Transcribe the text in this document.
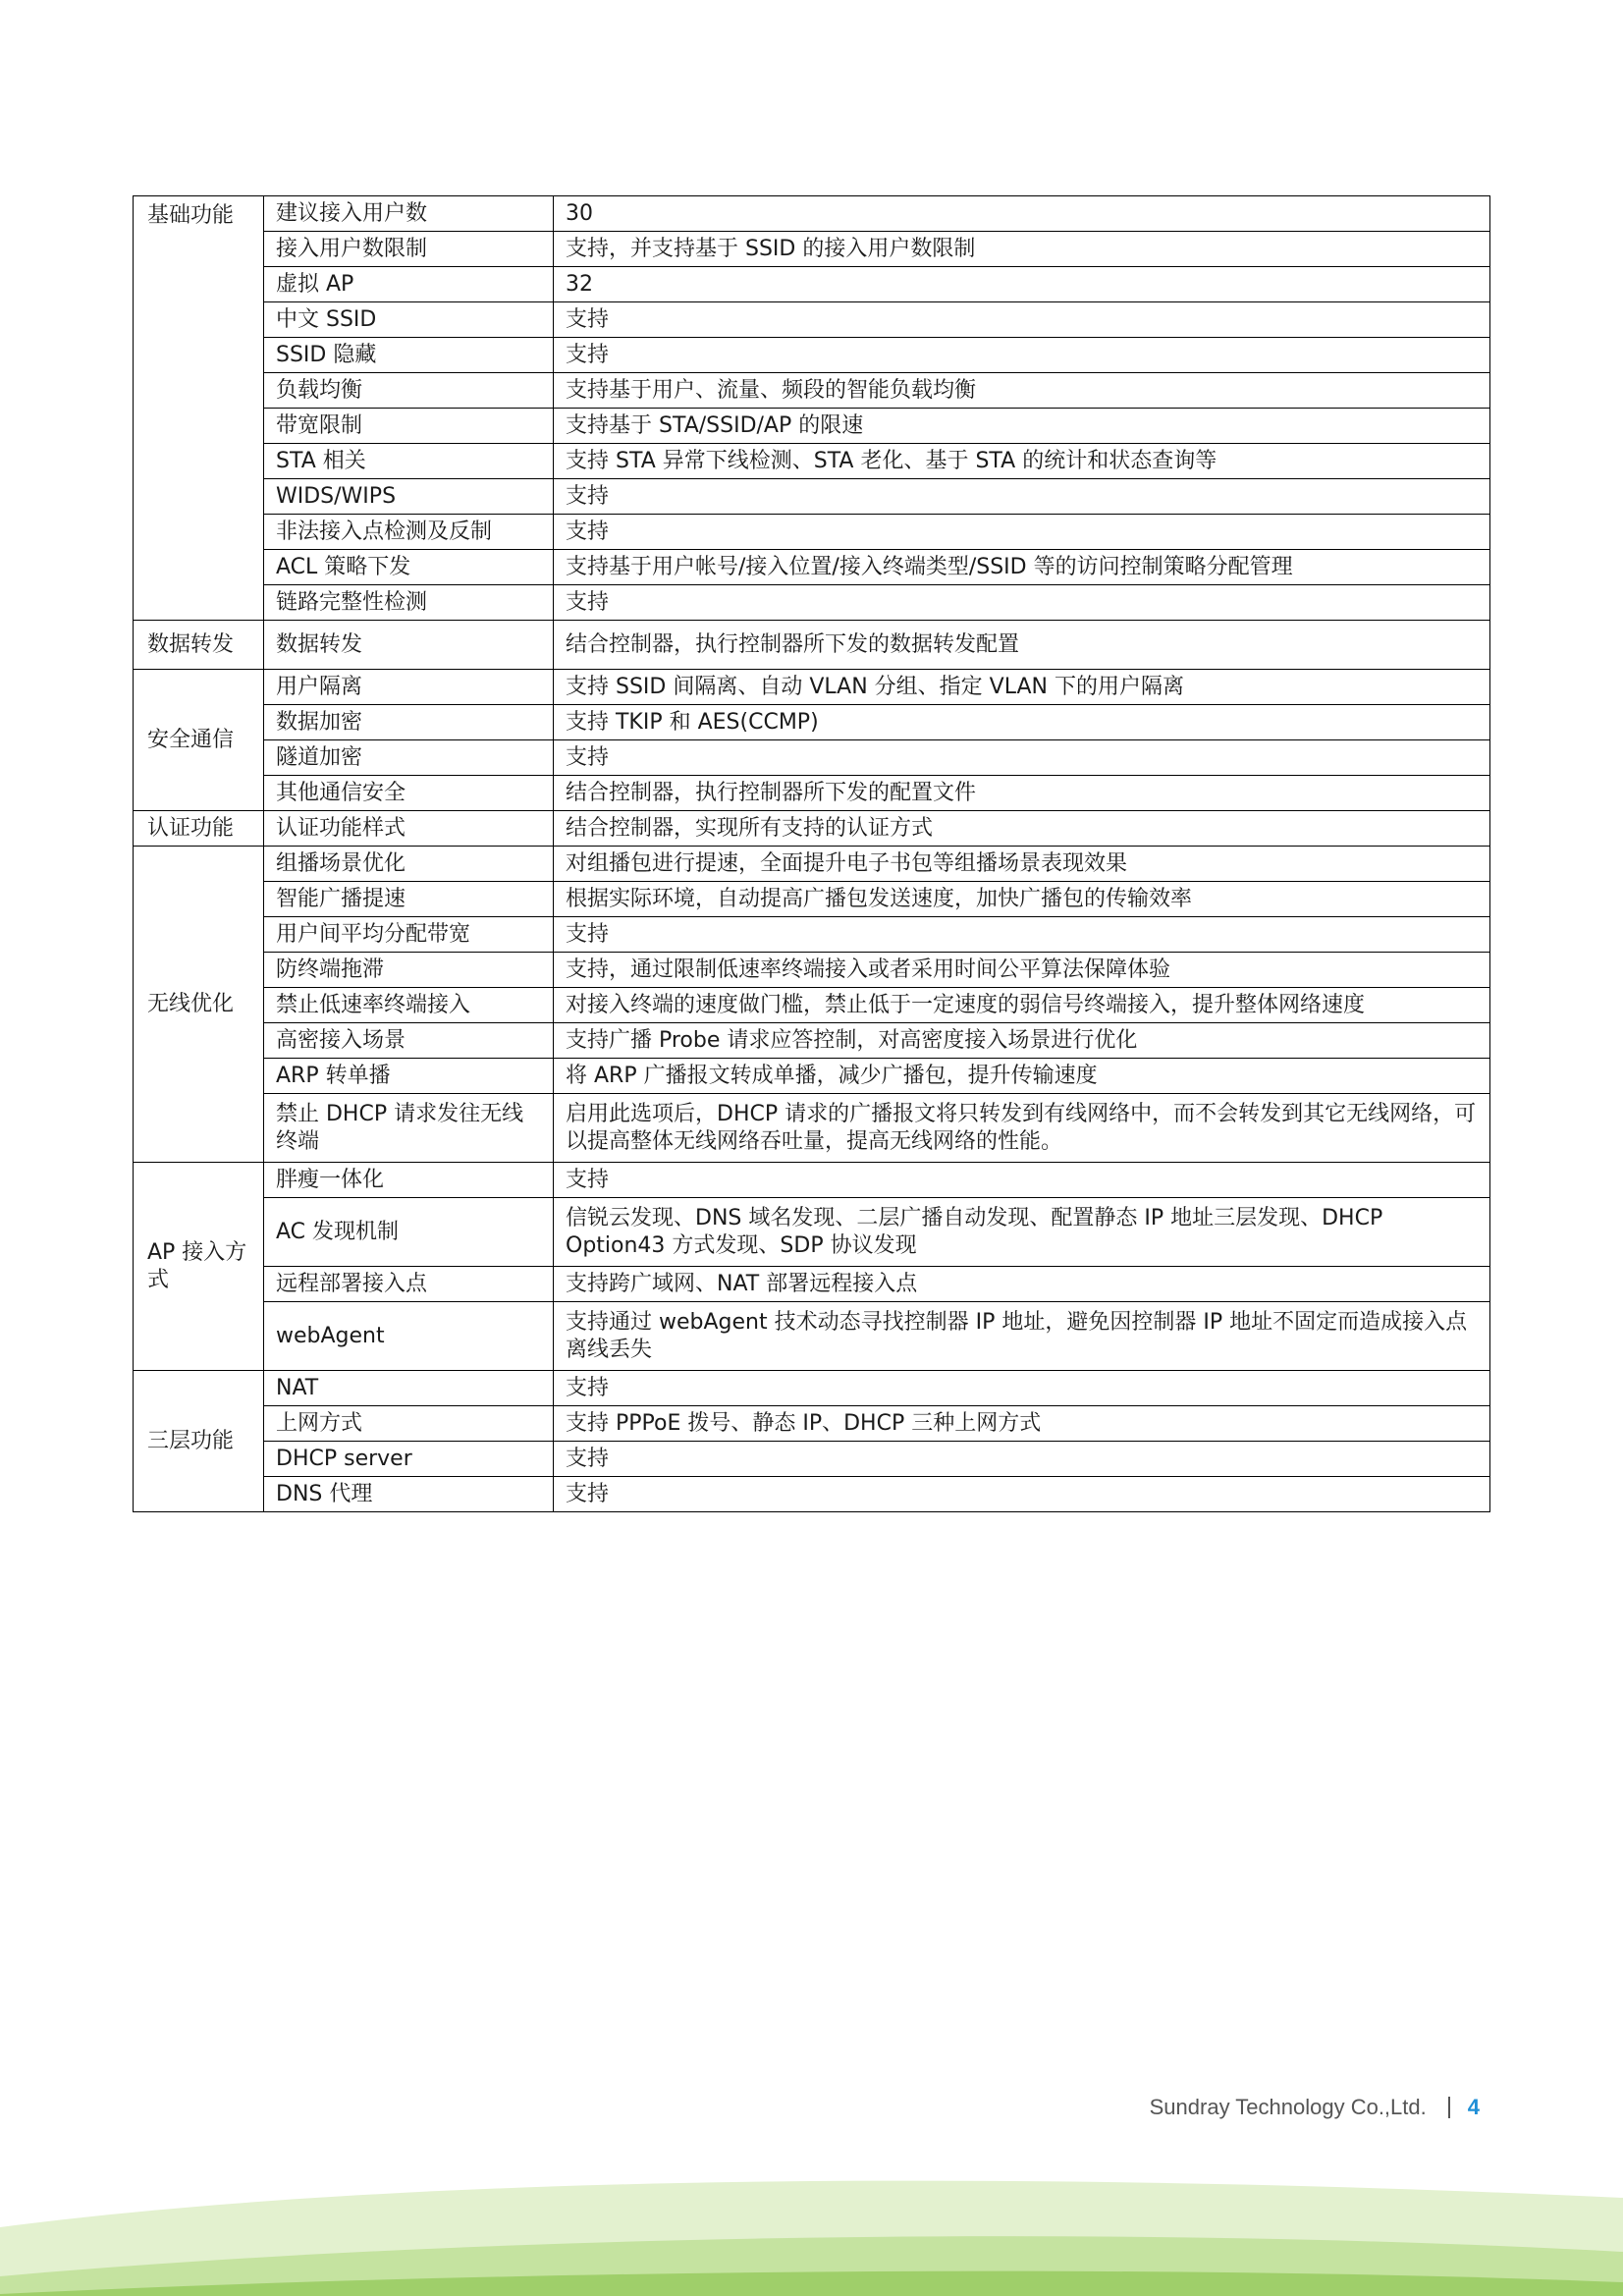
基础功能	建议接入用户数	30
	接入用户数限制	支持，并支持基于 SSID 的接入用户数限制
	虚拟 AP	32
	中文 SSID	支持
	SSID 隐藏	支持
	负载均衡	支持基于用户、流量、频段的智能负载均衡
	带宽限制	支持基于 STA/SSID/AP 的限速
	STA 相关	支持 STA 异常下线检测、STA 老化、基于 STA 的统计和状态查询等
	WIDS/WIPS	支持
	非法接入点检测及反制	支持
	ACL 策略下发	支持基于用户帐号/接入位置/接入终端类型/SSID 等的访问控制策略分配管理
	链路完整性检测	支持
数据转发	数据转发	结合控制器，执行控制器所下发的数据转发配置
安全通信	用户隔离	支持 SSID 间隔离、自动 VLAN 分组、指定 VLAN 下的用户隔离
	数据加密	支持 TKIP 和 AES(CCMP)
	隧道加密	支持
	其他通信安全	结合控制器，执行控制器所下发的配置文件
认证功能	认证功能样式	结合控制器，实现所有支持的认证方式
无线优化	组播场景优化	对组播包进行提速，全面提升电子书包等组播场景表现效果
	智能广播提速	根据实际环境，自动提高广播包发送速度，加快广播包的传输效率
	用户间平均分配带宽	支持
	防终端拖滞	支持，通过限制低速率终端接入或者采用时间公平算法保障体验
	禁止低速率终端接入	对接入终端的速度做门槛，禁止低于一定速度的弱信号终端接入，提升整体网络速度
	高密接入场景	支持广播 Probe 请求应答控制，对高密度接入场景进行优化
	ARP 转单播	将 ARP 广播报文转成单播，减少广播包，提升传输速度
	禁止 DHCP 请求发往无线终端	启用此选项后，DHCP 请求的广播报文将只转发到有线网络中，而不会转发到其它无线网络，可以提高整体无线网络吞吐量，提高无线网络的性能。
AP 接入方式	胖瘦一体化	支持
	AC 发现机制	信锐云发现、DNS 域名发现、二层广播自动发现、配置静态 IP 地址三层发现、DHCP Option43 方式发现、SDP 协议发现
	远程部署接入点	支持跨广域网、NAT 部署远程接入点
	webAgent	支持通过 webAgent 技术动态寻找控制器 IP 地址，避免因控制器 IP 地址不固定而造成接入点离线丢失
三层功能	NAT	支持
	上网方式	支持 PPPoE 拨号、静态 IP、DHCP 三种上网方式
	DHCP server	支持
	DNS 代理	支持
Sundray Technology Co.,Ltd. 4
